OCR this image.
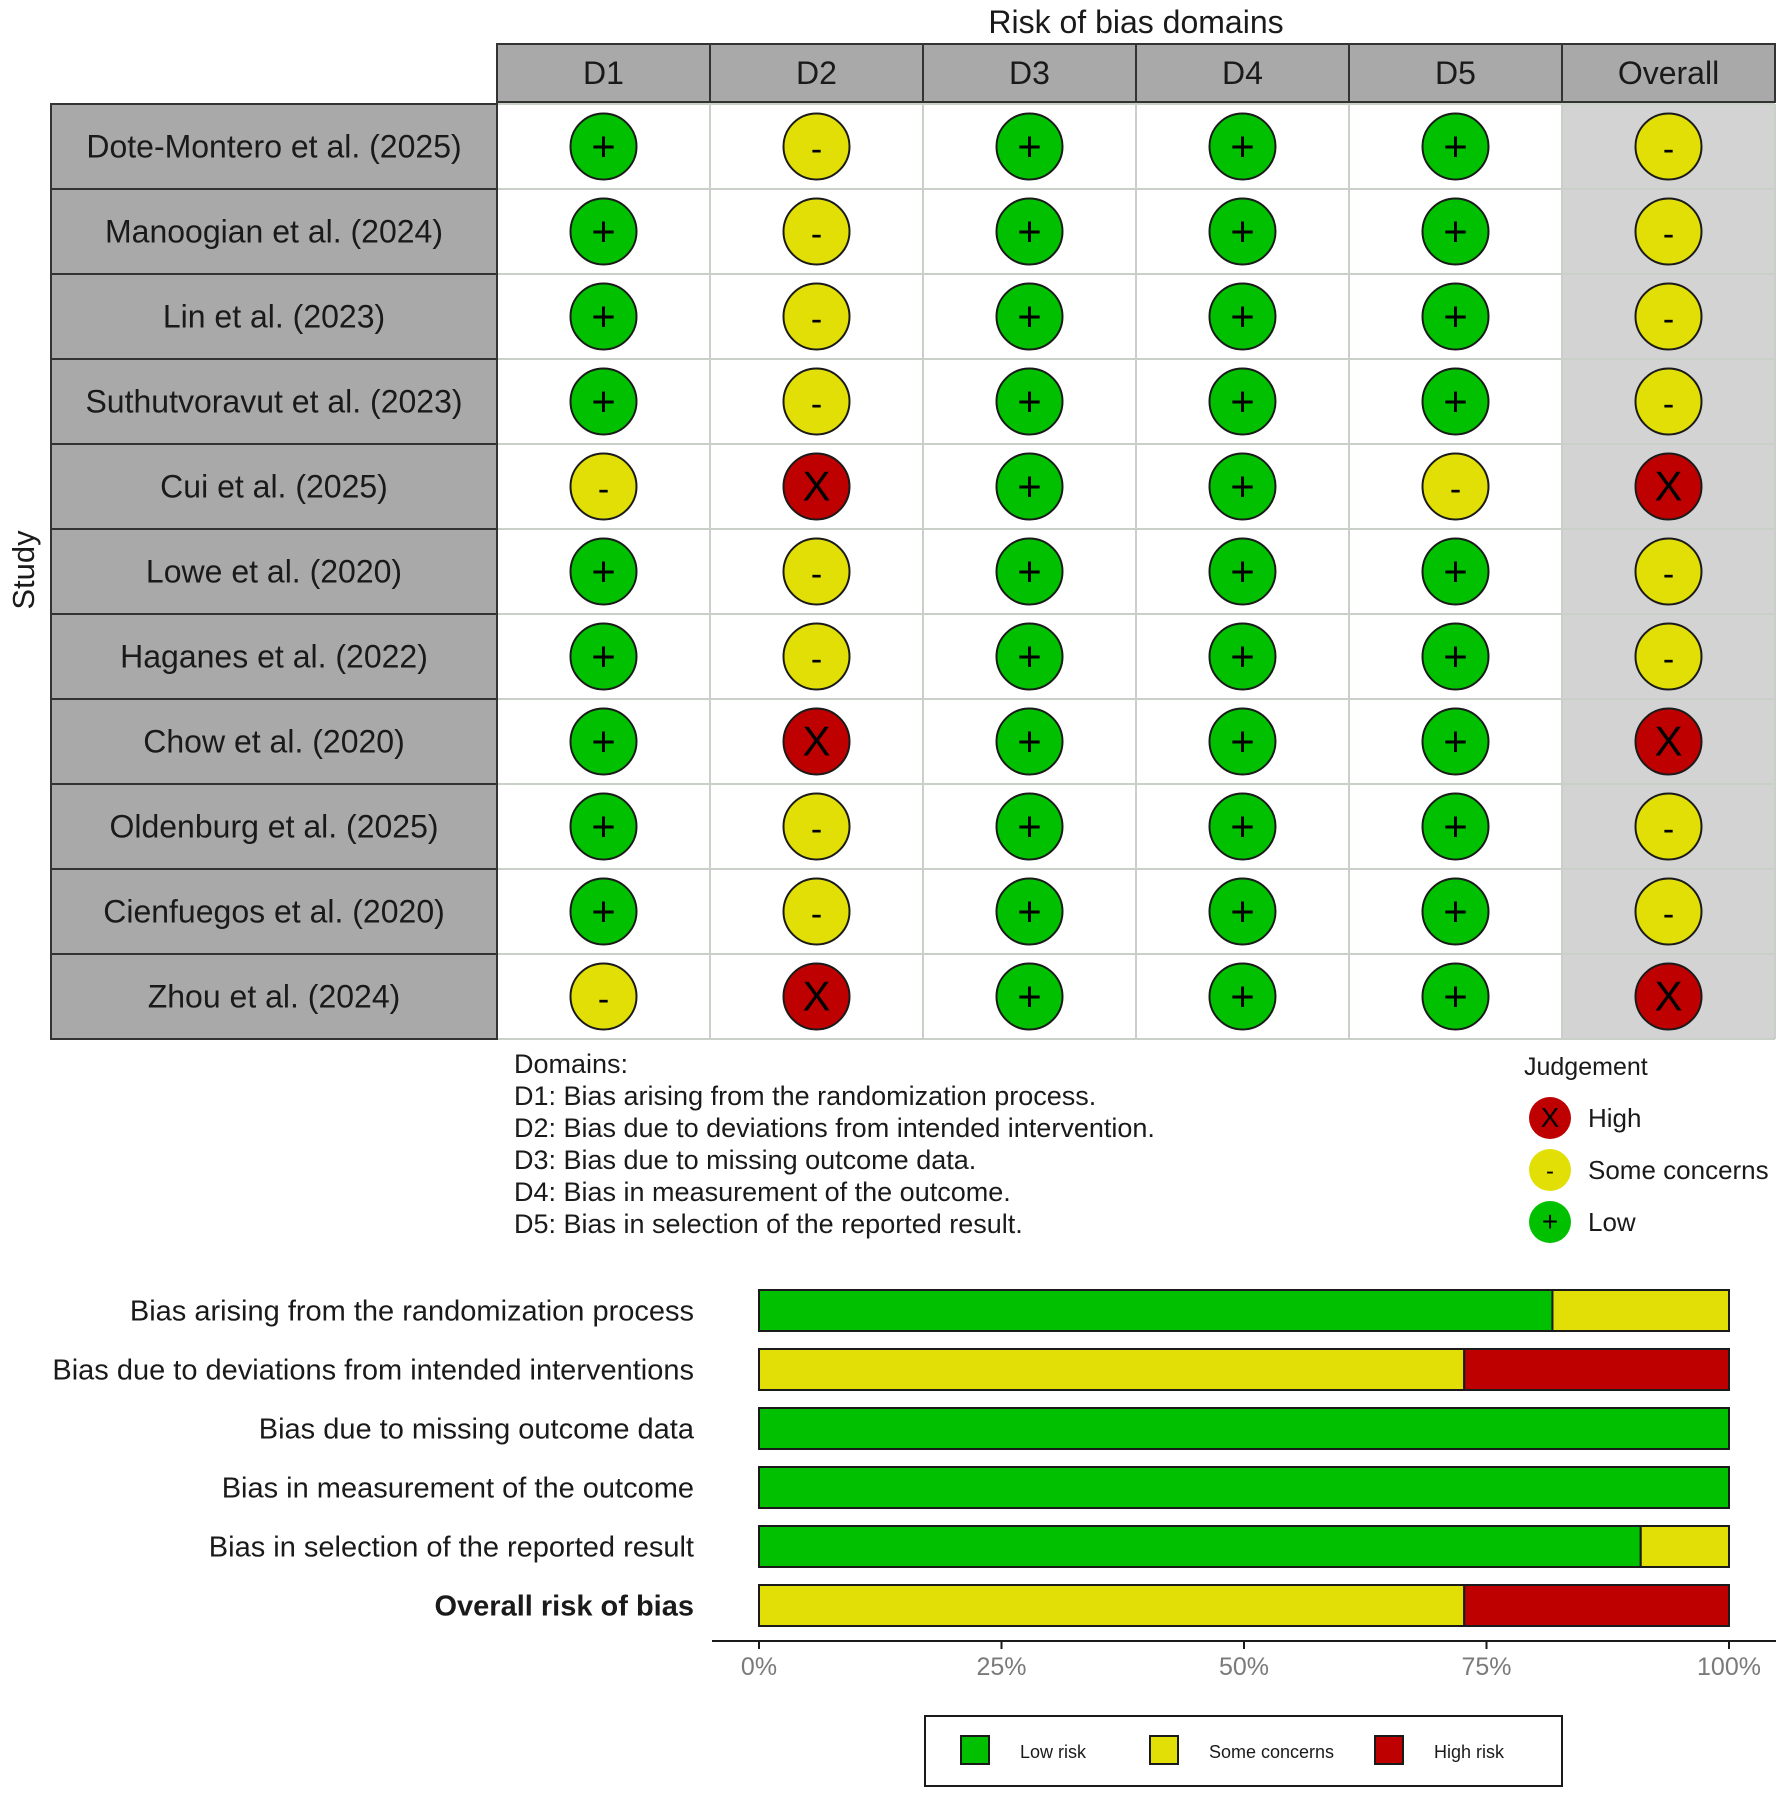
Risk of bias domains
Study
D1	D2	D3	D4	D5	Overall
Dote-Montero et al. (2025)	+	-	+	+	+	-
Manoogian et al. (2024)	+	-	+	+	+	-
Lin et al. (2023)	+	-	+	+	+	-
Suthutvoravut et al. (2023)	+	-	+	+	+	-
Cui et al. (2025)	-	X	+	+	-	X
Lowe et al. (2020)	+	-	+	+	+	-
Haganes et al. (2022)	+	-	+	+	+	-
Chow et al. (2020)	+	X	+	+	+	X
Oldenburg et al. (2025)	+	-	+	+	+	-
Cienfuegos et al. (2020)	+	-	+	+	+	-
Zhou et al. (2024)	-	X	+	+	+	X
Domains:
D1: Bias arising from the randomization process.
D2: Bias due to deviations from intended intervention.
D3: Bias due to missing outcome data.
D4: Bias in measurement of the outcome.
D5: Bias in selection of the reported result.
Judgement
X High
- Some concerns
+ Low
Bias arising from the randomization process
Bias due to deviations from intended interventions
Bias due to missing outcome data
Bias in measurement of the outcome
Bias in selection of the reported result
Overall risk of bias
0%	25%	50%	75%	100%
Low risk	Some concerns	High risk
